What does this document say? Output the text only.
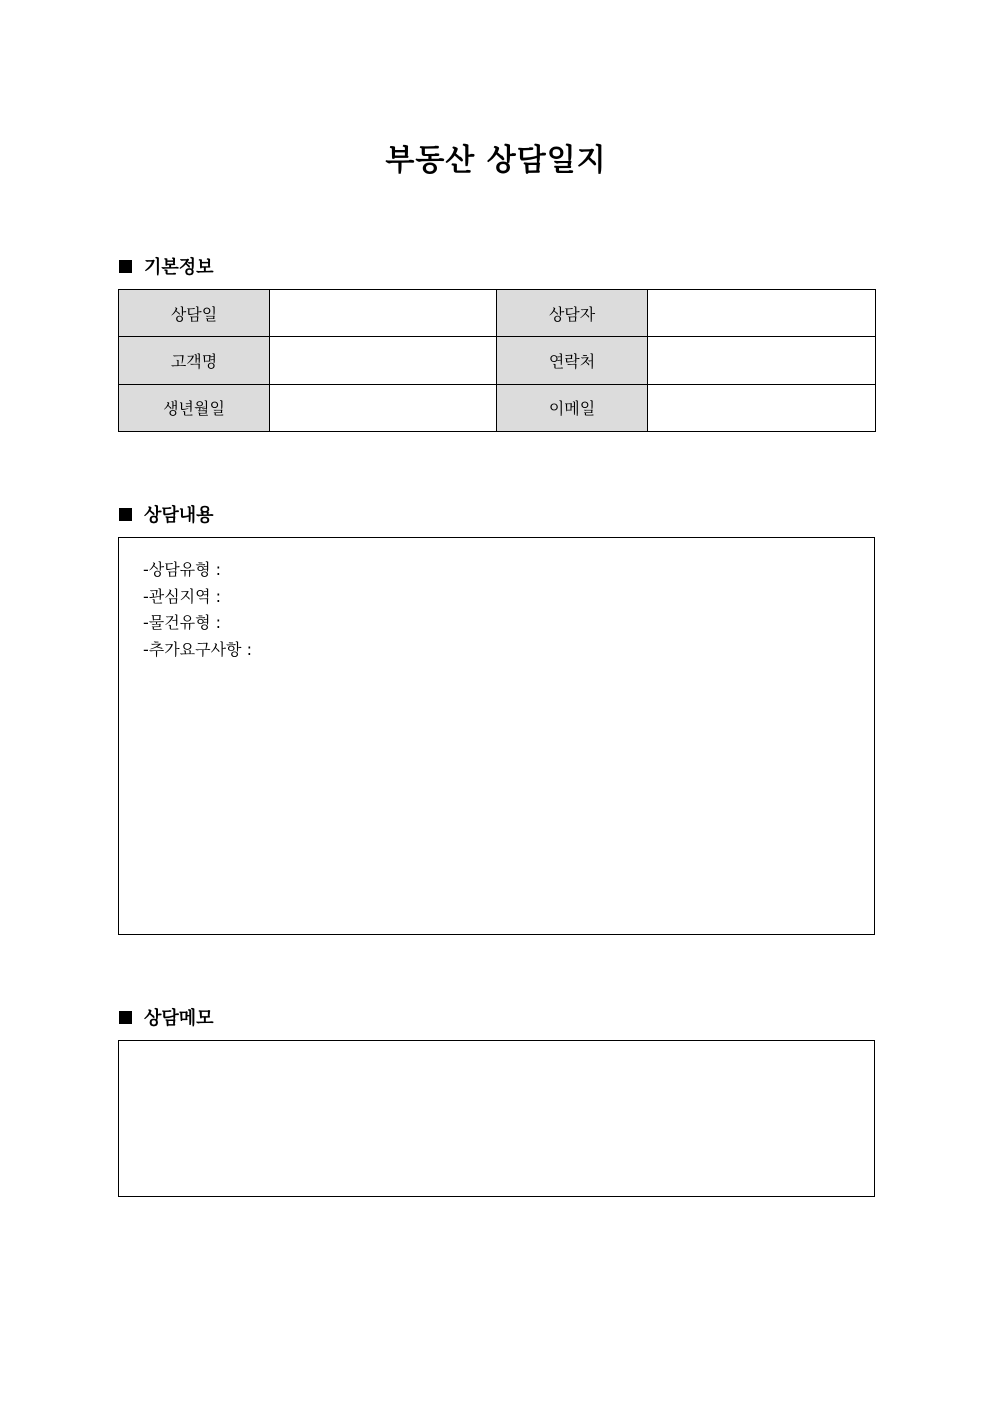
부동산 상담일지
기본정보
상담일		상담자	
고객명		연락처	
생년월일		이메일	
상담내용
-상담유형 :
-관심지역 :
-물건유형 :
-추가요구사항 :
상담메모
